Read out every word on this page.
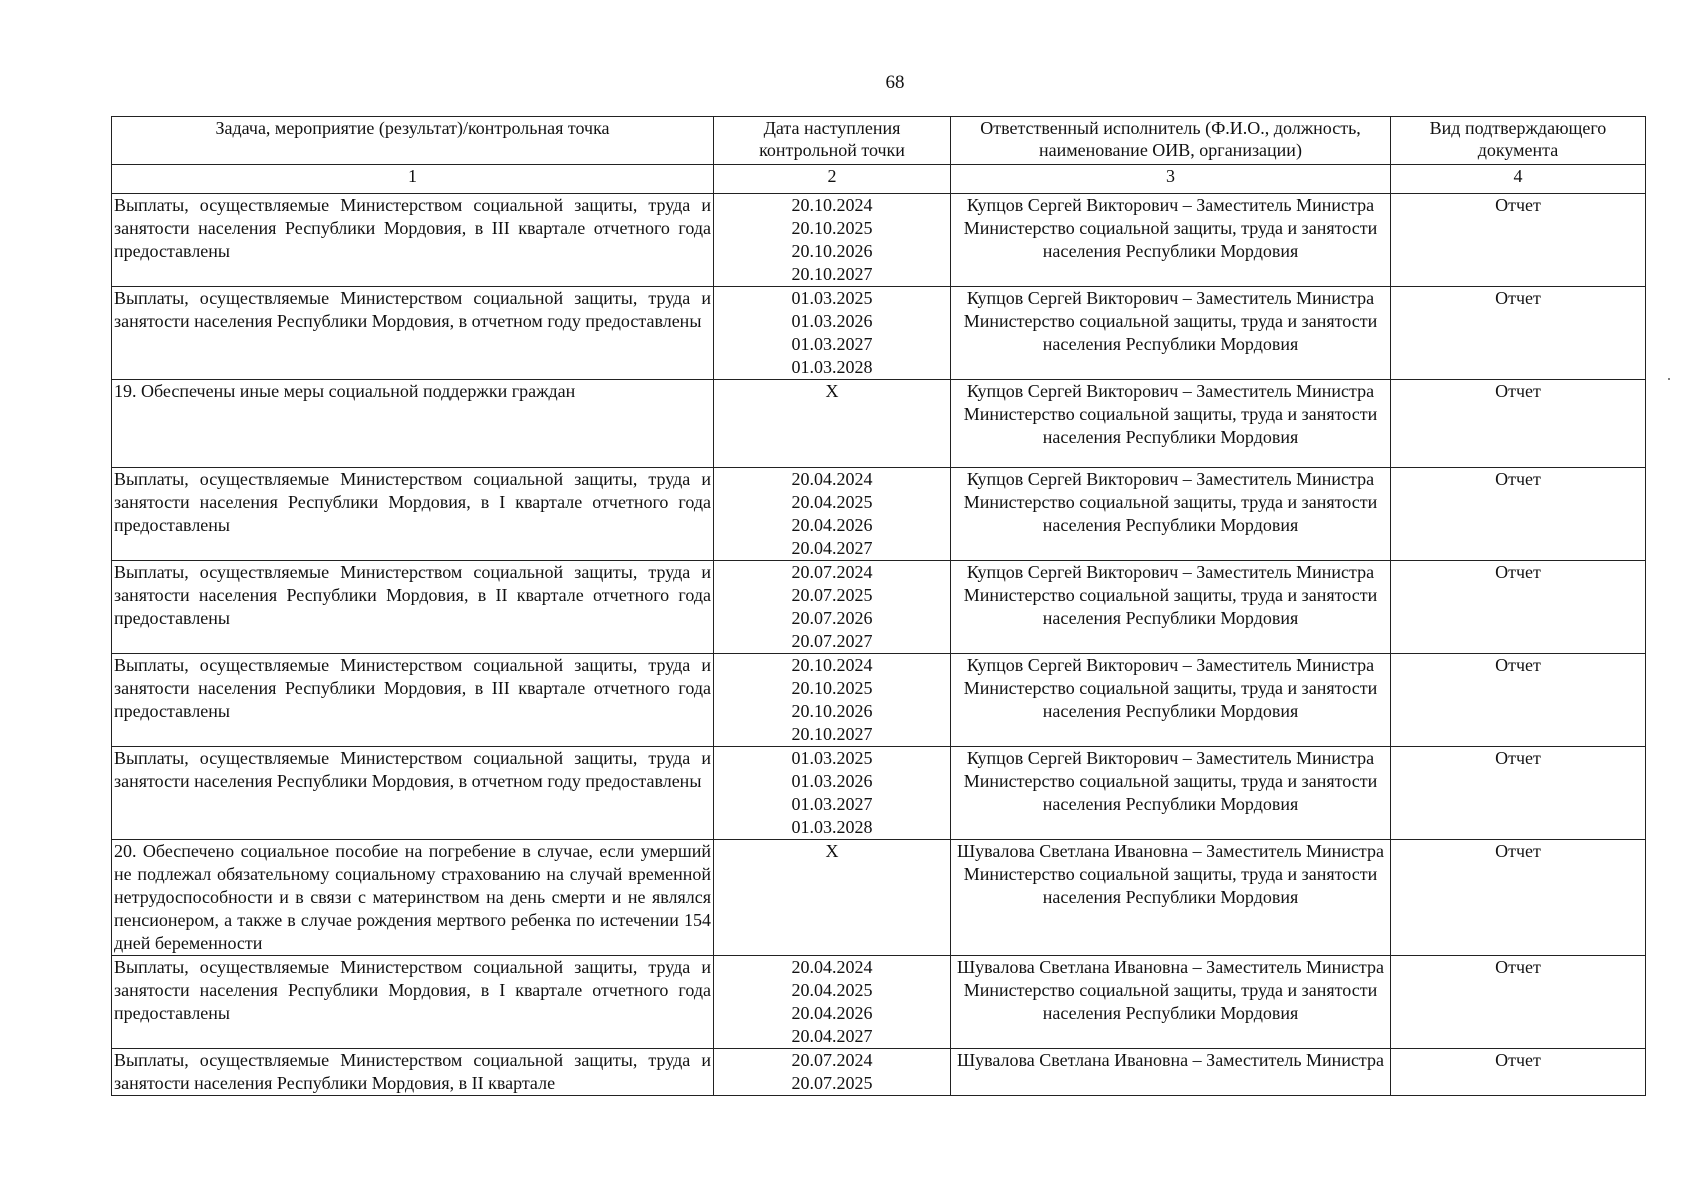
68
Задача, мероприятие (результат)/контрольная точка	Дата наступления контрольной точки	Ответственный исполнитель (Ф.И.О., должность, наименование ОИВ, организации)	Вид подтверждающего документа
1	2	3	4
Выплаты, осуществляемые Министерством социальной защиты, труда и занятости населения Республики Мордовия, в III квартале отчетного года предоставлены	20.10.2024
20.10.2025
20.10.2026
20.10.2027	Купцов Сергей Викторович – Заместитель Министра
Министерство социальной защиты, труда и занятости населения Республики Мордовия	Отчет
Выплаты, осуществляемые Министерством социальной защиты, труда и занятости населения Республики Мордовия, в отчетном году предоставлены	01.03.2025
01.03.2026
01.03.2027
01.03.2028	Купцов Сергей Викторович – Заместитель Министра
Министерство социальной защиты, труда и занятости населения Республики Мордовия	Отчет
19. Обеспечены иные меры социальной поддержки граждан	X	Купцов Сергей Викторович – Заместитель Министра
Министерство социальной защиты, труда и занятости населения Республики Мордовия	Отчет
Выплаты, осуществляемые Министерством социальной защиты, труда и занятости населения Республики Мордовия, в I квартале отчетного года предоставлены	20.04.2024
20.04.2025
20.04.2026
20.04.2027	Купцов Сергей Викторович – Заместитель Министра
Министерство социальной защиты, труда и занятости населения Республики Мордовия	Отчет
Выплаты, осуществляемые Министерством социальной защиты, труда и занятости населения Республики Мордовия, в II квартале отчетного года предоставлены	20.07.2024
20.07.2025
20.07.2026
20.07.2027	Купцов Сергей Викторович – Заместитель Министра
Министерство социальной защиты, труда и занятости населения Республики Мордовия	Отчет
Выплаты, осуществляемые Министерством социальной защиты, труда и занятости населения Республики Мордовия, в III квартале отчетного года предоставлены	20.10.2024
20.10.2025
20.10.2026
20.10.2027	Купцов Сергей Викторович – Заместитель Министра
Министерство социальной защиты, труда и занятости населения Республики Мордовия	Отчет
Выплаты, осуществляемые Министерством социальной защиты, труда и занятости населения Республики Мордовия, в отчетном году предоставлены	01.03.2025
01.03.2026
01.03.2027
01.03.2028	Купцов Сергей Викторович – Заместитель Министра
Министерство социальной защиты, труда и занятости населения Республики Мордовия	Отчет
20. Обеспечено социальное пособие на погребение в случае, если умерший не подлежал обязательному социальному страхованию на случай временной нетрудоспособности и в связи с материнством на день смерти и не являлся пенсионером, а также в случае рождения мертвого ребенка по истечении 154 дней беременности	X	Шувалова Светлана Ивановна – Заместитель Министра
Министерство социальной защиты, труда и занятости населения Республики Мордовия	Отчет
Выплаты, осуществляемые Министерством социальной защиты, труда и занятости населения Республики Мордовия, в I квартале отчетного года предоставлены	20.04.2024
20.04.2025
20.04.2026
20.04.2027	Шувалова Светлана Ивановна – Заместитель Министра
Министерство социальной защиты, труда и занятости населения Республики Мордовия	Отчет
Выплаты, осуществляемые Министерством социальной защиты, труда и занятости населения Республики Мордовия, в II квартале	20.07.2024
20.07.2025	Шувалова Светлана Ивановна – Заместитель Министра	Отчет
